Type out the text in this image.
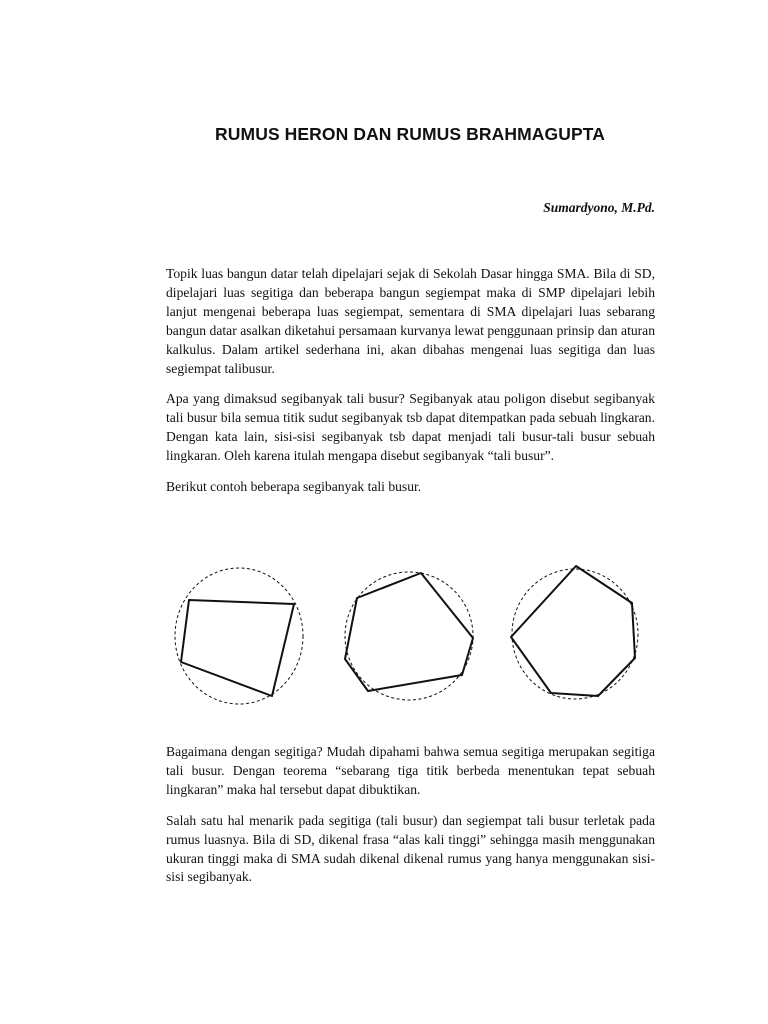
RUMUS HERON DAN RUMUS BRAHMAGUPTA
Sumardyono, M.Pd.

Topik luas bangun datar telah dipelajari sejak di Sekolah Dasar hingga SMA. Bila di SD, dipelajari luas segitiga dan beberapa bangun segiempat maka di SMP dipelajari lebih lanjut mengenai beberapa luas segiempat, sementara di SMA dipelajari luas sebarang bangun datar asalkan diketahui persamaan kurvanya lewat penggunaan prinsip dan aturan kalkulus. Dalam artikel sederhana ini, akan dibahas mengenai luas segitiga dan luas segiempat talibusur.

Apa yang dimaksud segibanyak tali busur? Segibanyak atau poligon disebut segibanyak tali busur bila semua titik sudut segibanyak tsb dapat ditempatkan pada sebuah lingkaran. Dengan kata lain, sisi-sisi segibanyak tsb dapat menjadi tali busur-tali busur sebuah lingkaran. Oleh karena itulah mengapa disebut segibanyak “tali busur”.

Berikut contoh beberapa segibanyak tali busur.

Bagaimana dengan segitiga? Mudah dipahami bahwa semua segitiga merupakan segitiga tali busur. Dengan teorema “sebarang tiga titik berbeda menentukan tepat sebuah lingkaran” maka hal tersebut dapat dibuktikan.

Salah satu hal menarik pada segitiga (tali busur) dan segiempat tali busur terletak pada rumus luasnya. Bila di SD, dikenal frasa “alas kali tinggi” sehingga masih menggunakan ukuran tinggi maka di SMA sudah dikenal dikenal rumus yang hanya menggunakan sisi-sisi segibanyak.
